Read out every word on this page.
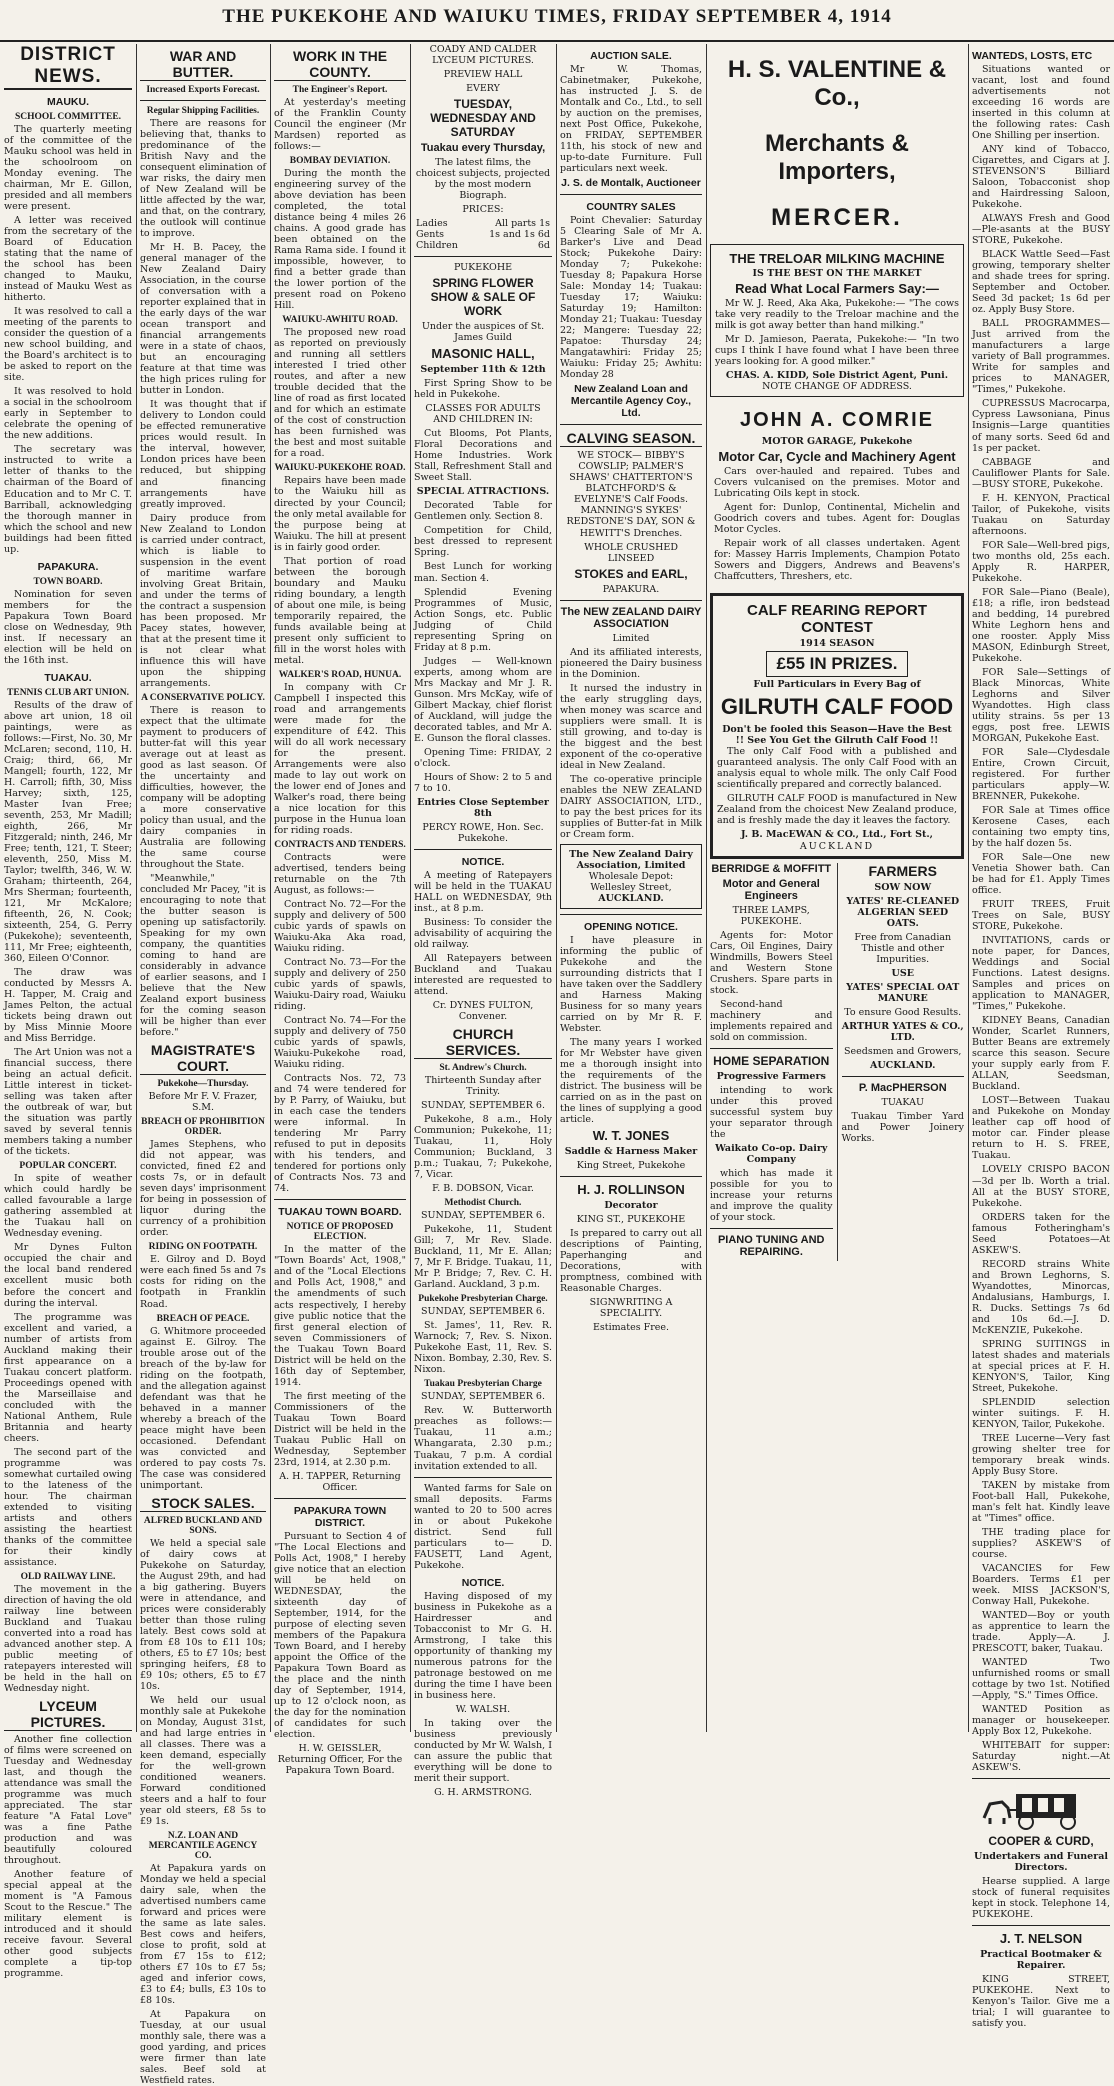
THE PUKEKOHE AND WAIUKU TIMES, FRIDAY SEPTEMBER 4, 1914
DISTRICT NEWS.
MAUKU.
SCHOOL COMMITTEE.

The quarterly meeting of the committee of the Mauku school was held in the schoolroom on Monday evening. The chairman, Mr E. Gillon, presided and all members were present.

A letter was received from the secretary of the Board of Education stating that the name of the school has been changed to Mauku, instead of Mauku West as hitherto.

It was resolved to call a meeting of the parents to consider the question of a new school building, and the Board's architect is to be asked to report on the site.

It was resolved to hold a social in the schoolroom early in September to celebrate the opening of the new additions.

The secretary was instructed to write a letter of thanks to the chairman of the Board of Education and to Mr C. T. Barriball, acknowledging the thorough manner in which the school and new buildings had been fitted up.

PAPAKURA.
TOWN BOARD.

Nomination for seven members for the Papakura Town Board close on Wednesday, 9th inst. If necessary an election will be held on the 16th inst.

TUAKAU.
TENNIS CLUB ART UNION.

Results of the draw of above art union, 18 oil paintings, were as follows:—First, No. 30, Mr McLaren; second, 110, H. Craig; third, 66, Mr Mangell; fourth, 122, Mr H. Carroll; fifth, 30, Miss Harvey; sixth, 125, Master Ivan Free; seventh, 253, Mr Madill; eighth, 266, Mr Fitzgerald; ninth, 246, Mr Free; tenth, 121, T. Steer; eleventh, 250, Miss M. Taylor; twelfth, 346, W. W. Graham; thirteenth, 264, Mrs Sherman; fourteenth, 121, Mr McKalore; fifteenth, 26, N. Cook; sixteenth, 254, G. Perry (Pukekohe); seventeenth, 111, Mr Free; eighteenth, 360, Eileen O'Connor.

The draw was conducted by Messrs A. H. Tapper, M. Craig and James Pelton, the actual tickets being drawn out by Miss Minnie Moore and Miss Berridge.

The Art Union was not a financial success, there being an actual deficit. Little interest in ticket-selling was taken after the outbreak of war, but the situation was partly saved by several tennis members taking a number of the tickets.

POPULAR CONCERT.

In spite of weather which could hardly be called favourable a large gathering assembled at the Tuakau hall on Wednesday evening.

Mr Dynes Fulton occupied the chair and the local band rendered excellent music both before the concert and during the interval.

The programme was excellent and varied, a number of artists from Auckland making their first appearance on a Tuakau concert platform. Proceedings opened with the Marseillaise and concluded with the National Anthem, Rule Britannia and hearty cheers.

The second part of the programme was somewhat curtailed owing to the lateness of the hour. The chairman extended to visiting artists and others assisting the heartiest thanks of the committee for their kindly assistance.

OLD RAILWAY LINE.

The movement in the direction of having the old railway line between Buckland and Tuakau converted into a road has advanced another step. A public meeting of ratepayers interested will be held in the hall on Wednesday night.

LYCEUM PICTURES.

Another fine collection of films were screened on Tuesday and Wednesday last, and though the attendance was small the programme was much appreciated. The star feature "A Fatal Love" was a fine Pathe production and was beautifully coloured throughout.

Another feature of special appeal at the moment is "A Famous Scout to the Rescue." The military element is introduced and it should receive favour. Several other good subjects complete a tip-top programme.

WAR AND BUTTER.
Increased Exports Forecast.
Regular Shipping Facilities.

There are reasons for believing that, thanks to predominance of the British Navy and the consequent elimination of war risks, the dairy men of New Zealand will be little affected by the war, and that, on the contrary, the outlook will continue to improve.

Mr H. B. Pacey, the general manager of the New Zealand Dairy Association, in the course of conversation with a reporter explained that in the early days of the war ocean transport and financial arrangements were in a state of chaos, but an encouraging feature at that time was the high prices ruling for butter in London.

It was thought that if delivery to London could be effected remunerative prices would result. In the interval, however, London prices have been reduced, but shipping and financing arrangements have greatly improved.

Dairy produce from New Zealand to London is carried under contract, which is liable to suspension in the event of maritime warfare involving Great Britain, and under the terms of the contract a suspension has been proposed. Mr Pacey states, however, that at the present time it is not clear what influence this will have upon the shipping arrangements.

A CONSERVATIVE POLICY.

There is reason to expect that the ultimate payment to producers of butter-fat will this year average out at least as good as last season. Of the uncertainty and difficulties, however, the company will be adopting a more conservative policy than usual, and the dairy companies in Australia are following the same course throughout the State.

"Meanwhile," concluded Mr Pacey, "it is encouraging to note that the butter season is opening up satisfactorily. Speaking for my own company, the quantities coming to hand are considerably in advance of earlier seasons, and I believe that the New Zealand export business for the coming season will be higher than ever before."

MAGISTRATE'S COURT.
Pukekohe—Thursday.

Before Mr F. V. Frazer, S.M.

BREACH OF PROHIBITION ORDER.

James Stephens, who did not appear, was convicted, fined £2 and costs 7s, or in default seven days' imprisonment for being in possession of liquor during the currency of a prohibition order.

RIDING ON FOOTPATH.

E. Gilroy and D. Boyd were each fined 5s and 7s costs for riding on the footpath in Franklin Road.

BREACH OF PEACE.

G. Whitmore proceeded against E. Gilroy. The trouble arose out of the breach of the by-law for riding on the footpath, and the allegation against defendant was that he behaved in a manner whereby a breach of the peace might have been occasioned. Defendant was convicted and ordered to pay costs 7s. The case was considered unimportant.

STOCK SALES.
ALFRED BUCKLAND AND SONS.

We held a special sale of dairy cows at Pukekohe on Saturday, the August 29th, and had a big gathering. Buyers were in attendance, and prices were considerably better than those ruling lately. Best cows sold at from £8 10s to £11 10s; others, £5 to £7 10s; best springing heifers, £8 to £9 10s; others, £5 to £7 10s.

We held our usual monthly sale at Pukekohe on Monday, August 31st, and had large entries in all classes. There was a keen demand, especially for the well-grown conditioned weaners. Forward conditioned steers and a half to four year old steers, £8 5s to £9 1s.

N.Z. LOAN AND MERCANTILE AGENCY CO.

At Papakura yards on Monday we held a special dairy sale, when the advertised numbers came forward and prices were the same as late sales. Best cows and heifers, close to profit, sold at from £7 15s to £12; others £7 10s to £7 5s; aged and inferior cows, £3 to £4; bulls, £3 10s to £8 10s.

At Papakura on Tuesday, at our usual monthly sale, there was a good yarding, and prices were firmer than late sales. Beef sold at Westfield rates.

WORK IN THE COUNTY.
The Engineer's Report.

At yesterday's meeting of the Franklin County Council the engineer (Mr Mardsen) reported as follows:—

BOMBAY DEVIATION.

During the month the engineering survey of the above deviation has been completed, the total distance being 4 miles 26 chains. A good grade has been obtained on the Rama Rama side. I found it impossible, however, to find a better grade than the lower portion of the present road on Pokeno Hill.

WAIUKU-AWHITU ROAD.

The proposed new road as reported on previously and running all settlers interested I tried other routes, and after a new trouble decided that the line of road as first located and for which an estimate of the cost of construction has been furnished was the best and most suitable for a road.

WAIUKU-PUKEKOHE ROAD.

Repairs have been made to the Waiuku hill as directed by your Council; the only metal available for the purpose being at Waiuku. The hill at present is in fairly good order.

That portion of road between the borough boundary and Mauku riding boundary, a length of about one mile, is being temporarily repaired, the funds available being at present only sufficient to fill in the worst holes with metal.

WALKER'S ROAD, HUNUA.

In company with Cr Campbell I inspected this road and arrangements were made for the expenditure of £42. This will do all work necessary for the present. Arrangements were also made to lay out work on the lower end of Jones and Walker's road, there being a nice location for this purpose in the Hunua loan for riding roads.

CONTRACTS AND TENDERS.

Contracts were advertised, tenders being returnable on the 7th August, as follows:—

Contract No. 72—For the supply and delivery of 500 cubic yards of spawls on Waiuku-Aka Aka road, Waiuku riding.

Contract No. 73—For the supply and delivery of 250 cubic yards of spawls, Waiuku-Dairy road, Waiuku riding.

Contract No. 74—For the supply and delivery of 750 cubic yards of spawls, Waiuku-Pukekohe road, Waiuku riding.

Contracts Nos. 72, 73 and 74 were tendered for by P. Parry, of Waiuku, but in each case the tenders were informal. In tendering Mr Parry refused to put in deposits with his tenders, and tendered for portions only of Contracts Nos. 73 and 74.

TUAKAU TOWN BOARD.
NOTICE OF PROPOSED ELECTION.

In the matter of the "Town Boards' Act, 1908," and of the "Local Elections and Polls Act, 1908," and the amendments of such acts respectively, I hereby give public notice that the first general election of seven Commissioners of the Tuakau Town Board District will be held on the 16th day of September, 1914.

The first meeting of the Commissioners of the Tuakau Town Board District will be held in the Tuakau Public Hall on Wednesday, September 23rd, 1914, at 2.30 p.m.

A. H. TAPPER, Returning Officer.

PAPAKURA TOWN DISTRICT.

Pursuant to Section 4 of "The Local Elections and Polls Act, 1908," I hereby give notice that an election will be held on WEDNESDAY, the sixteenth day of September, 1914, for the purpose of electing seven members of the Papakura Town Board, and I hereby appoint the Office of the Papakura Town Board as the place and the ninth day of September, 1914, up to 12 o'clock noon, as the day for the nomination of candidates for such election.

H. W. GEISSLER, Returning Officer, For the Papakura Town Board.

COADY AND CALDER LYCEUM PICTURES.

PREVIEW HALL

EVERY

TUESDAY, WEDNESDAY AND SATURDAY

Tuakau every Thursday,

The latest films, the choicest subjects, projected by the most modern Biograph.

PRICES:

Ladies	All parts 1s
Gents	1s and 1s 6d
Children	6d

PUKEKOHE

SPRING FLOWER SHOW & SALE OF WORK

Under the auspices of St. James Guild

MASONIC HALL,

September 11th & 12th

First Spring Show to be held in Pukekohe.

CLASSES FOR ADULTS AND CHILDREN IN:

Cut Blooms, Pot Plants, Floral Decorations and Home Industries. Work Stall, Refreshment Stall and Sweet Stall.

SPECIAL ATTRACTIONS.

Decorated Table for Gentlemen only. Section 8.

Competition for Child, best dressed to represent Spring.

Best Lunch for working man. Section 4.

Splendid Evening Programmes of Music, Action Songs, etc. Public Judging of Child representing Spring on Friday at 8 p.m.

Judges — Well-known experts, among whom are Mrs Mackay and Mr J. R. Gunson. Mrs McKay, wife of Gilbert Mackay, chief florist of Auckland, will judge the decorated tables, and Mr A. E. Gunson the floral classes.

Opening Time: FRIDAY, 2 o'clock.

Hours of Show: 2 to 5 and 7 to 10.

Entries Close September 8th

PERCY ROWE, Hon. Sec. Pukekohe.

NOTICE.

A meeting of Ratepayers will be held in the TUAKAU HALL on WEDNESDAY, 9th inst., at 8 p.m.

Business: To consider the advisability of acquiring the old railway.

All Ratepayers between Buckland and Tuakau interested are requested to attend.

Cr. DYNES FULTON, Convener.

CHURCH SERVICES.
St. Andrew's Church.

Thirteenth Sunday after Trinity.

SUNDAY, SEPTEMBER 6.

Pukekohe, 8 a.m., Holy Communion; Pukekohe, 11; Tuakau, 11, Holy Communion; Buckland, 3 p.m.; Tuakau, 7; Pukekohe, 7, Vicar.

F. B. DOBSON, Vicar.

Methodist Church.

SUNDAY, SEPTEMBER 6.

Pukekohe, 11, Student Gill; 7, Mr Rev. Slade. Buckland, 11, Mr E. Allan; 7, Mr F. Bridge. Tuakau, 11, Mr P. Bridge; 7, Rev. C. H. Garland. Auckland, 3 p.m.

Pukekohe Presbyterian Charge.

SUNDAY, SEPTEMBER 6.

St. James', 11, Rev. R. Warnock; 7, Rev. S. Nixon. Pukekohe East, 11, Rev. S. Nixon. Bombay, 2.30, Rev. S. Nixon.

Tuakau Presbyterian Charge

SUNDAY, SEPTEMBER 6.

Rev. W. Butterworth preaches as follows:— Tuakau, 11 a.m.; Whangarata, 2.30 p.m.; Tuakau, 7 p.m. A cordial invitation extended to all.

Wanted farms for Sale on small deposits. Farms wanted to 20 to 500 acres in or about Pukekohe district. Send full particulars to— D. FAUSETT, Land Agent, Pukekohe.

NOTICE.

Having disposed of my business in Pukekohe as a Hairdresser and Tobacconist to Mr G. H. Armstrong, I take this opportunity of thanking my numerous patrons for the patronage bestowed on me during the time I have been in business here.

W. WALSH.

In taking over the business previously conducted by Mr W. Walsh, I can assure the public that everything will be done to merit their support.

G. H. ARMSTRONG.

AUCTION SALE.

Mr W. Thomas, Cabinetmaker, Pukekohe, has instructed J. S. de Montalk and Co., Ltd., to sell by auction on the premises, next Post Office, Pukekohe, on FRIDAY, SEPTEMBER 11th, his stock of new and up-to-date Furniture. Full particulars next week.

J. S. de Montalk, Auctioneer

COUNTRY SALES

Point Chevalier: Saturday 5 Clearing Sale of Mr A. Barker's Live and Dead Stock; Pukekohe Dairy: Monday 7; Pukekohe: Tuesday 8; Papakura Horse Sale: Monday 14; Tuakau: Tuesday 17; Waiuku: Saturday 19; Hamilton: Monday 21; Tuakau: Tuesday 22; Mangere: Tuesday 22; Papatoe: Thursday 24; Mangatawhiri: Friday 25; Waiuku: Friday 25; Awhitu: Monday 28

New Zealand Loan and Mercantile Agency Coy., Ltd.

CALVING SEASON.

WE STOCK— BIBBY'S COWSLIP; PALMER'S SHAWS' CHATTERTON'S BLATCHFORD'S & EVELYNE'S Calf Foods. MANNING'S SYKES' REDSTONE'S DAY, SON & HEWITT'S Drenches.

WHOLE CRUSHED LINSEED

STOKES and EARL,

PAPAKURA.

The NEW ZEALAND DAIRY ASSOCIATION

Limited

And its affiliated interests, pioneered the Dairy business in the Dominion.

It nursed the industry in the early struggling days, when money was scarce and suppliers were small. It is still growing, and to-day is the biggest and the best exponent of the co-operative ideal in New Zealand.

The co-operative principle enables the NEW ZEALAND DAIRY ASSOCIATION, LTD., to pay the best prices for its supplies of Butter-fat in Milk or Cream form.

The New Zealand Dairy Association, Limited
Wholesale Depot: Wellesley Street,
AUCKLAND.
OPENING NOTICE.

I have pleasure in informing the public of Pukekohe and the surrounding districts that I have taken over the Saddlery and Harness Making Business for so many years carried on by Mr R. F. Webster.

The many years I worked for Mr Webster have given me a thorough insight into the requirements of the district. The business will be carried on as in the past on the lines of supplying a good article.

W. T. JONES

Saddle & Harness Maker

King Street, Pukekohe

H. J. ROLLINSON

Decorator

KING ST., PUKEKOHE

Is prepared to carry out all descriptions of Painting, Paperhanging and Decorations, with promptness, combined with Reasonable Charges.

SIGNWRITING A SPECIALITY.

Estimates Free.

H. S. VALENTINE & Co.,
Merchants & Importers,
MERCER.
THE TRELOAR MILKING MACHINE
IS THE BEST ON THE MARKET
Read What Local Farmers Say:—

Mr W. J. Reed, Aka Aka, Pukekohe:— "The cows take very readily to the Treloar machine and the milk is got away better than hand milking."

Mr D. Jamieson, Paerata, Pukekohe:— "In two cups I think I have found what I have been three years looking for. A good milker."

CHAS. A. KIDD, Sole District Agent, Puni.
NOTE CHANGE OF ADDRESS.
JOHN A. COMRIE
MOTOR GARAGE, Pukekohe
Motor Car, Cycle and Machinery Agent

Cars over-hauled and repaired. Tubes and Covers vulcanised on the premises. Motor and Lubricating Oils kept in stock.

Agent for: Dunlop, Continental, Michelin and Goodrich covers and tubes. Agent for: Douglas Motor Cycles.

Repair work of all classes undertaken. Agent for: Massey Harris Implements, Champion Potato Sowers and Diggers, Andrews and Beavens's Chaffcutters, Threshers, etc.

CALF REARING REPORT CONTEST
1914 SEASON
£55 IN PRIZES.
Full Particulars in Every Bag of
GILRUTH CALF FOOD
Don't be fooled this Season—Have the Best !! See You Get the Gilruth Calf Food !!

The only Calf Food with a published and guaranteed analysis. The only Calf Food with an analysis equal to whole milk. The only Calf Food scientifically prepared and correctly balanced.

GILRUTH CALF FOOD is manufactured in New Zealand from the choicest New Zealand produce, and is freshly made the day it leaves the factory.

J. B. MacEWAN & CO., Ltd., Fort St.,
AUCKLAND

BERRIDGE & MOFFITT

Motor and General Engineers

THREE LAMPS, PUKEKOHE.

Agents for: Motor Cars, Oil Engines, Dairy Windmills, Bowers Steel and Western Stone Crushers. Spare parts in stock.

Second-hand machinery and implements repaired and sold on commission.

HOME SEPARATION

Progressive Farmers

intending to work under this proved successful system buy your separator through the

Waikato Co-op. Dairy Company

which has made it possible for you to increase your returns and improve the quality of your stock.

PIANO TUNING AND REPAIRING.

FARMERS

SOW NOW

YATES' RE-CLEANED ALGERIAN SEED OATS.

Free from Canadian Thistle and other Impurities.

USE

YATES' SPECIAL OAT MANURE

To ensure Good Results.

ARTHUR YATES & CO., LTD.

Seedsmen and Growers,

AUCKLAND.

P. MacPHERSON

TUAKAU

Tuakau Timber Yard and Power Joinery Works.

WANTEDS, LOSTS, ETC

Situations wanted or vacant, lost and found advertisements not exceeding 16 words are inserted in this column at the following rates: Cash One Shilling per insertion.

ANY kind of Tobacco, Cigarettes, and Cigars at J. STEVENSON'S Billiard Saloon, Tobacconist shop and Hairdressing Saloon, Pukekohe.

ALWAYS Fresh and Good—Ple-asants at the BUSY STORE, Pukekohe.

BLACK Wattle Seed—Fast growing, temporary shelter and shade trees for spring. September and October. Seed 3d packet; 1s 6d per oz. Apply Busy Store.

BALL PROGRAMMES—Just arrived from the manufacturers a large variety of Ball programmes. Write for samples and prices to MANAGER, "Times," Pukekohe.

CUPRESSUS Macrocarpa, Cypress Lawsoniana, Pinus Insignis—Large quantities of many sorts. Seed 6d and 1s per packet.

CABBAGE and Cauliflower Plants for Sale.—BUSY STORE, Pukekohe.

F. H. KENYON, Practical Tailor, of Pukekohe, visits Tuakau on Saturday afternoons.

FOR Sale—Well-bred pigs, two months old, 25s each. Apply R. HARPER, Pukekohe.

FOR Sale—Piano (Beale), £18; a rifle, iron bedstead and bedding, 14 purebred White Leghorn hens and one rooster. Apply Miss MASON, Edinburgh Street, Pukekohe.

FOR Sale—Settings of Black Minorcas, White Leghorns and Silver Wyandottes. High class utility strains. 5s per 13 eggs, post free. LEWIS MORGAN, Pukekohe East.

FOR Sale—Clydesdale Entire, Crown Circuit, registered. For further particulars apply—W. BRENNER, Pukekohe.

FOR Sale at Times office Kerosene Cases, each containing two empty tins, by the half dozen 5s.

FOR Sale—One new Venetia Shower bath. Can be had for £1. Apply Times office.

FRUIT TREES, Fruit Trees on Sale, BUSY STORE, Pukekohe.

INVITATIONS, cards or note paper, for Dances, Weddings and Social Functions. Latest designs. Samples and prices on application to MANAGER, "Times," Pukekohe.

KIDNEY Beans, Canadian Wonder, Scarlet Runners, Butter Beans are extremely scarce this season. Secure your supply early from F. ALLAN, Seedsman, Buckland.

LOST—Between Tuakau and Pukekohe on Monday leather cap off hood of motor car. Finder please return to H. S. FREE, Tuakau.

LOVELY CRISPO BACON—3d per lb. Worth a trial. All at the BUSY STORE, Pukekohe.

ORDERS taken for the famous Fotheringham's Seed Potatoes—At ASKEW'S.

RECORD strains White and Brown Leghorns, S. Wyandottes, Minorcas, Andalusians, Hamburgs, I. R. Ducks. Settings 7s 6d and 10s 6d.—J. D. McKENZIE, Pukekohe.

SPRING SUITINGS in latest shades and materials at special prices at F. H. KENYON'S, Tailor, King Street, Pukekohe.

SPLENDID selection winter suitings. F. H. KENYON, Tailor, Pukekohe.

TREE Lucerne—Very fast growing shelter tree for temporary break winds. Apply Busy Store.

TAKEN by mistake from Foot-ball Hall, Pukekohe, man's felt hat. Kindly leave at "Times" office.

THE trading place for supplies? ASKEW'S of course.

VACANCIES for Few Boarders. Terms £1 per week. MISS JACKSON'S, Conway Hall, Pukekohe.

WANTED—Boy or youth as apprentice to learn the trade. Apply—A. J. PRESCOTT, baker, Tuakau.

WANTED Two unfurnished rooms or small cottage by two 1st. Notified—Apply, "S." Times Office.

WANTED Position as manager or housekeeper. Apply Box 12, Pukekohe.

WHITEBAIT for supper: Saturday night.—At ASKEW'S.

COOPER & CURD,

Undertakers and Funeral Directors.

Hearse supplied. A large stock of funeral requisites kept in stock. Telephone 14, PUKEKOHE.

J. T. NELSON

Practical Bootmaker & Repairer.

KING STREET, PUKEKOHE. Next to Kenyon's Tailor. Give me a trial; I will guarantee to satisfy you.
